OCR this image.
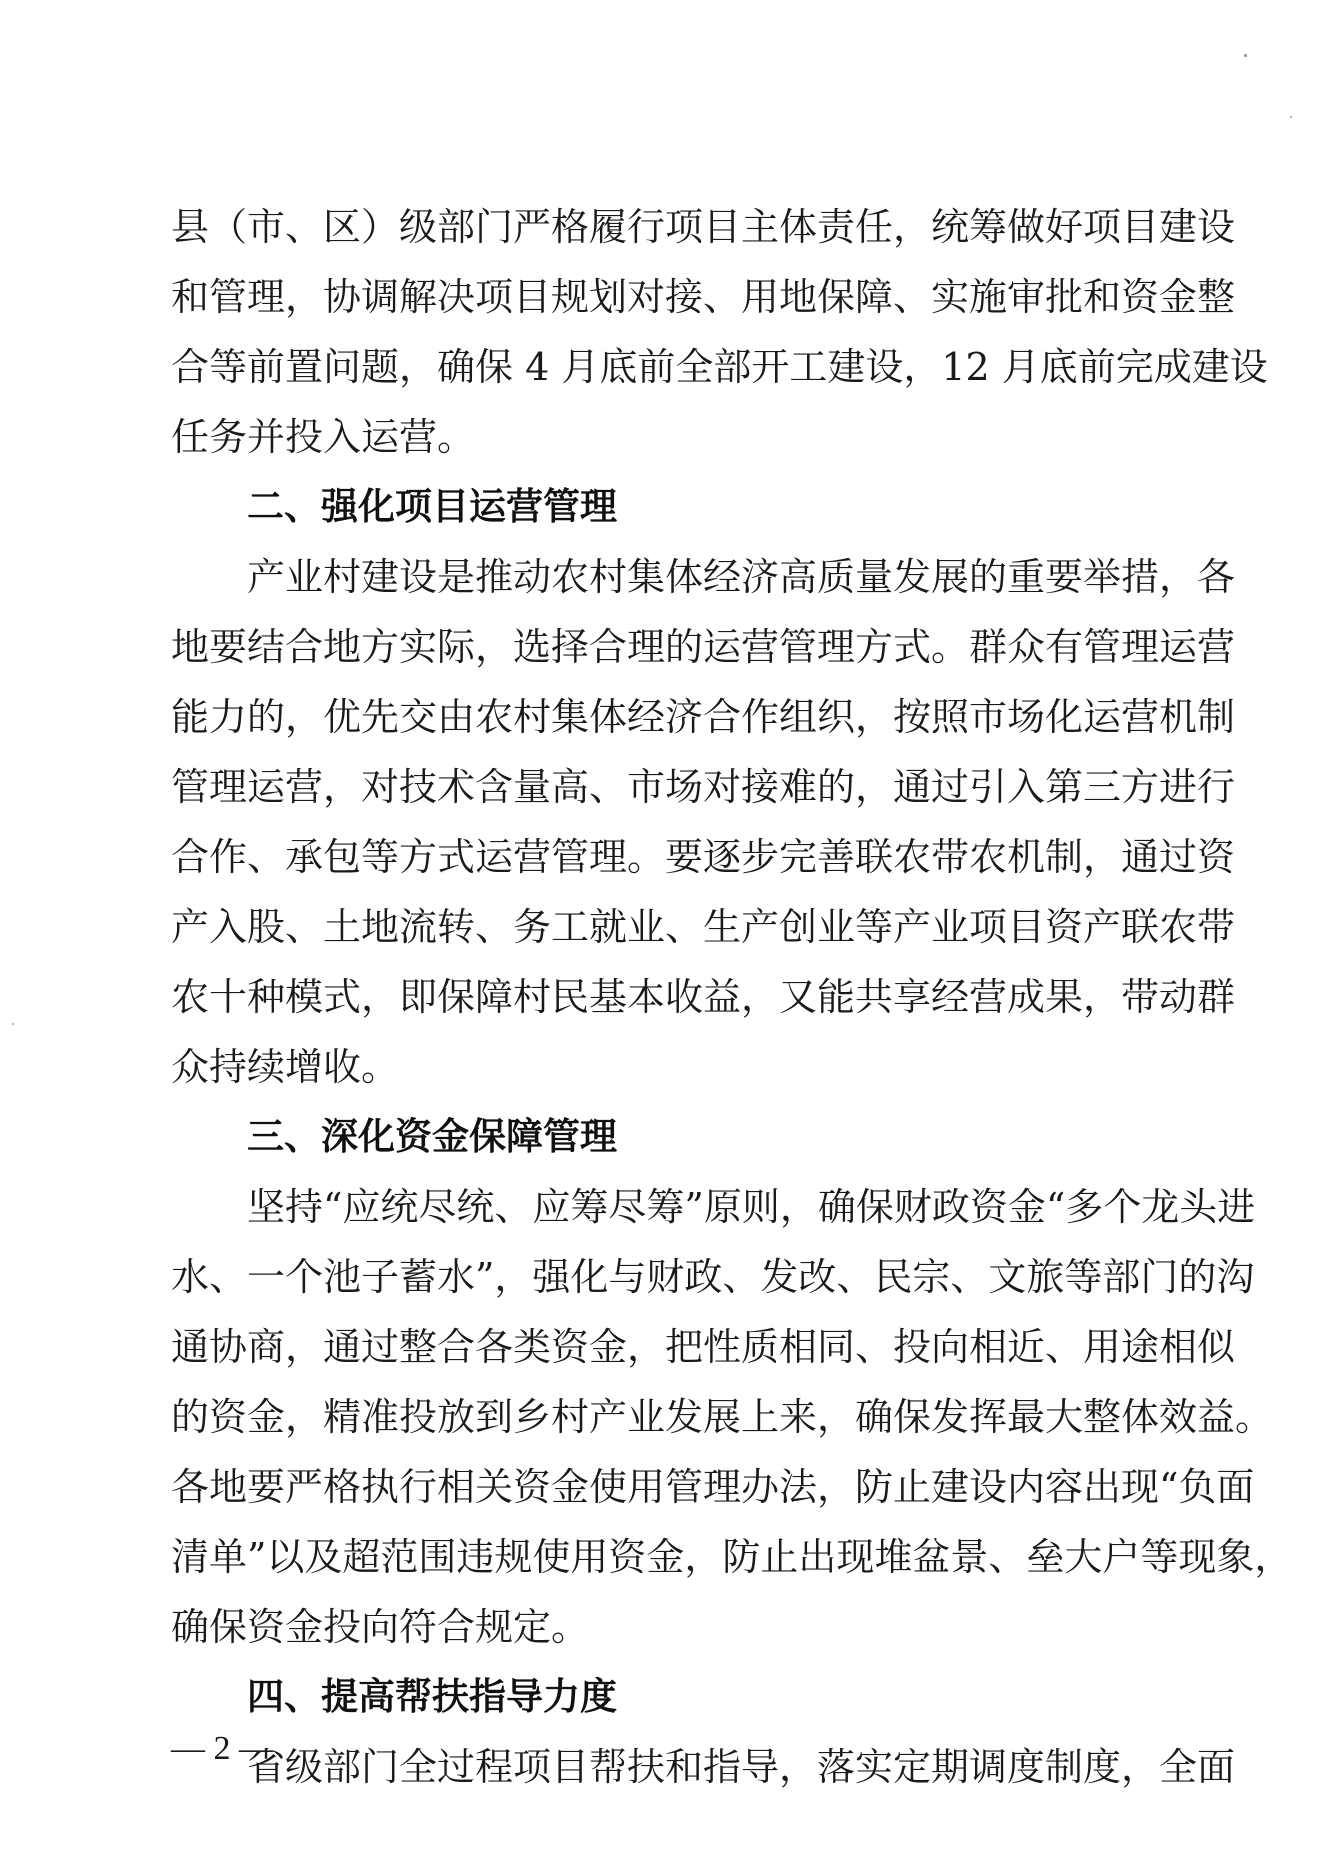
县（市、区）级部门严格履行项目主体责任，统筹做好项目建设
和管理，协调解决项目规划对接、用地保障、实施审批和资金整
合等前置问题，确保 4 月底前全部开工建设，12 月底前完成建设
任务并投入运营。
二、强化项目运营管理
产业村建设是推动农村集体经济高质量发展的重要举措，各
地要结合地方实际，选择合理的运营管理方式。群众有管理运营
能力的，优先交由农村集体经济合作组织，按照市场化运营机制
管理运营，对技术含量高、市场对接难的，通过引入第三方进行
合作、承包等方式运营管理。要逐步完善联农带农机制，通过资
产入股、土地流转、务工就业、生产创业等产业项目资产联农带
农十种模式，即保障村民基本收益，又能共享经营成果，带动群
众持续增收。
三、深化资金保障管理
坚持“应统尽统、应筹尽筹”原则，确保财政资金“多个龙头进
水、一个池子蓄水”，强化与财政、发改、民宗、文旅等部门的沟
通协商，通过整合各类资金，把性质相同、投向相近、用途相似
的资金，精准投放到乡村产业发展上来，确保发挥最大整体效益。
各地要严格执行相关资金使用管理办法，防止建设内容出现“负面
清单”以及超范围违规使用资金，防止出现堆盆景、垒大户等现象，
确保资金投向符合规定。
四、提高帮扶指导力度
省级部门全过程项目帮扶和指导，落实定期调度制度，全面
— 2 —
